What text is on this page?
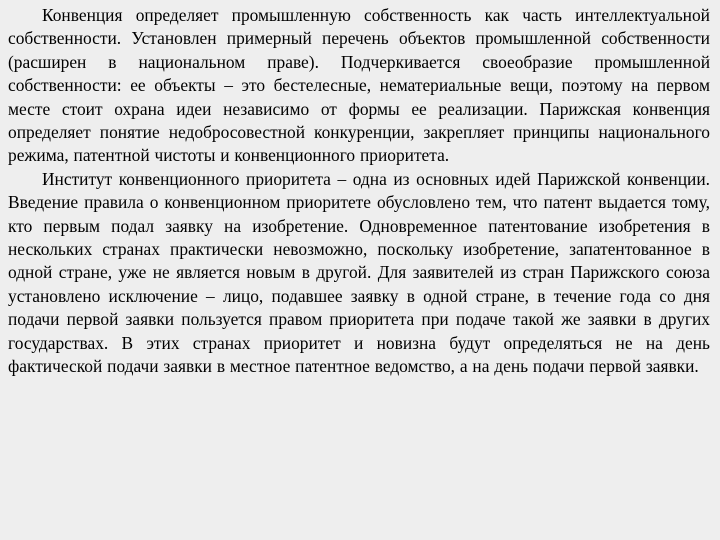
Конвенция определяет промышленную собственность как часть интеллектуальной собственности. Установлен примерный перечень объектов промышленной собственности (расширен в национальном праве). Подчеркивается своеобразие промышленной собственности: ее объекты – это бестелесные, нематериальные вещи, поэтому на первом месте стоит охрана идеи независимо от формы ее реализации. Парижская конвенция определяет понятие недобросовестной конкуренции, закрепляет принципы национального режима, патентной чистоты и конвенционного приоритета.

Институт конвенционного приоритета – одна из основных идей Парижской конвенции. Введение правила о конвенционном приоритете обусловлено тем, что патент выдается тому, кто первым подал заявку на изобретение. Одновременное патентование изобретения в нескольких странах практически невозможно, поскольку изобретение, запатентованное в одной стране, уже не является новым в другой. Для заявителей из стран Парижского союза установлено исключение – лицо, подавшее заявку в одной стране, в течение года со дня подачи первой заявки пользуется правом приоритета при подаче такой же заявки в других государствах. В этих странах приоритет и новизна будут определяться не на день фактической подачи заявки в местное патентное ведомство, а на день подачи первой заявки.
